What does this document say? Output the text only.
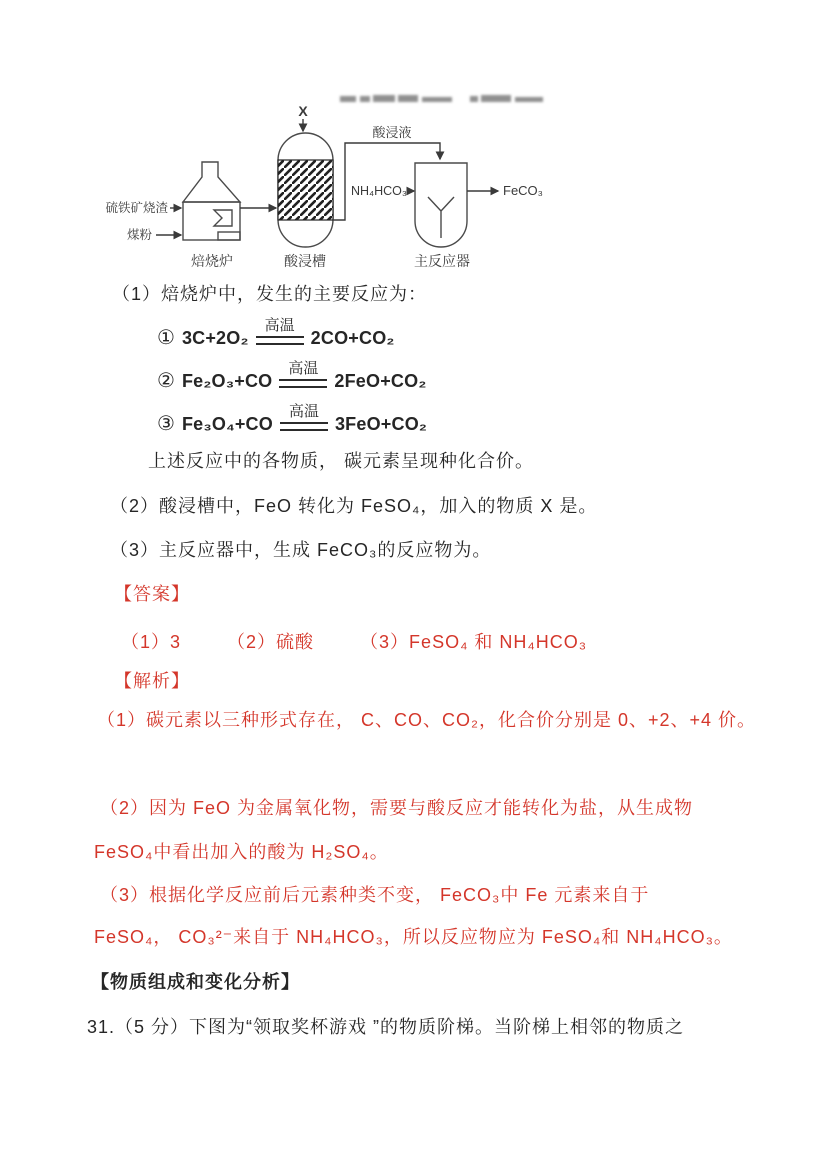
硫铁矿烧渣
煤粉
焙烧炉
X
酸浸槽
酸浸液
NH₄HCO₃	FeCO₃
主反应器
（1）焙烧炉中，发生的主要反应为：
① 3C+2O₂
高温
2CO+CO₂
② Fe₂O₃+CO
高温
2FeO+CO₂
③ Fe₃O₄+CO
高温
3FeO+CO₂
上述反应中的各物质， 碳元素呈现种化合价。
（2）酸浸槽中，FeO 转化为 FeSO₄，加入的物质 X 是。
（3）主反应器中，生成 FeCO₃的反应物为。
【答案】
（1）3	（2）硫酸	（3）FeSO₄ 和 NH₄HCO₃
【解析】
（1）碳元素以三种形式存在， C、CO、CO₂，化合价分别是 0、+2、+4 价。
（2）因为 FeO 为金属氧化物，需要与酸反应才能转化为盐，从生成物
FeSO₄中看出加入的酸为 H₂SO₄。
（3）根据化学反应前后元素种类不变， FeCO₃中 Fe 元素来自于
FeSO₄， CO₃²⁻来自于 NH₄HCO₃，所以反应物应为 FeSO₄和 NH₄HCO₃。
【物质组成和变化分析】
31.（5 分）下图为“领取奖杯游戏 ”的物质阶梯。当阶梯上相邻的物质之
